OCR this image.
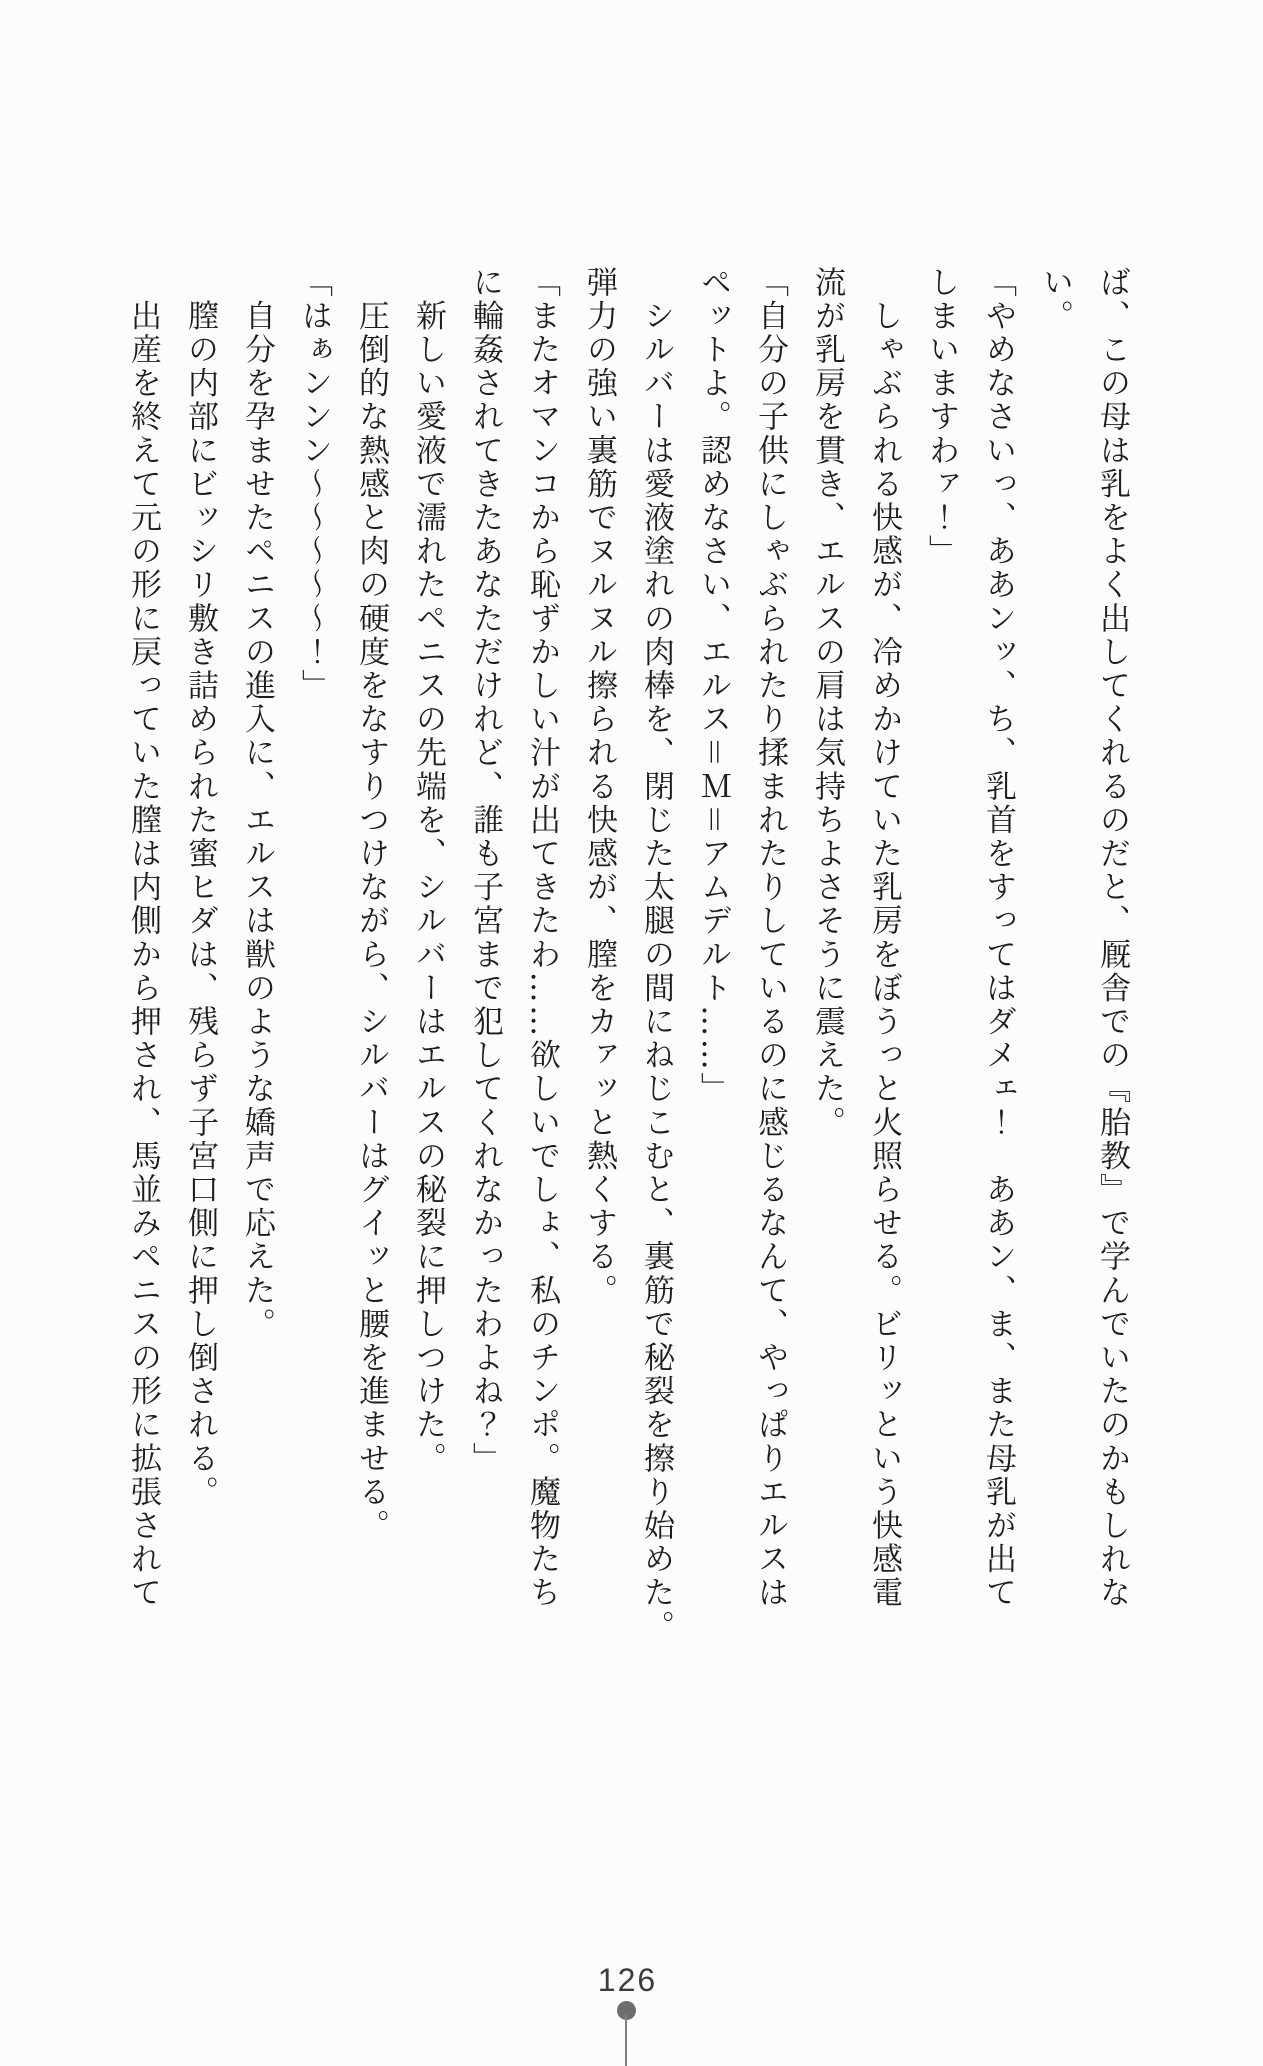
ば、この母は乳をよく出してくれるのだと、厩舎での『胎教』で学んでいたのかもしれな
い。
「やめなさいっ、ああンッ、ち、乳首をすってはダメェ！　ああン、ま、また母乳が出て
しまいますわァ！」
　しゃぶられる快感が、冷めかけていた乳房をぼうっと火照らせる。ビリッという快感電
流が乳房を貫き、エルスの肩は気持ちよさそうに震えた。
「自分の子供にしゃぶられたり揉まれたりしているのに感じるなんて、やっぱりエルスは
ペットよ。認めなさい、エルス＝Ｍ＝アムデルト……」
　シルバーは愛液塗れの肉棒を、閉じた太腿の間にねじこむと、裏筋で秘裂を擦り始めた。
弾力の強い裏筋でヌルヌル擦られる快感が、膣をカァッと熱くする。
「またオマンコから恥ずかしい汁が出てきたわ……欲しいでしょ、私のチンポ。魔物たち
に輪姦されてきたあなただけれど、誰も子宮まで犯してくれなかったわよね？」
　新しい愛液で濡れたペニスの先端を、シルバーはエルスの秘裂に押しつけた。
　圧倒的な熱感と肉の硬度をなすりつけながら、シルバーはグイッと腰を進ませる。
「はぁンンン～～～～～！」
　自分を孕ませたペニスの進入に、エルスは獣のような嬌声で応えた。
　膣の内部にビッシリ敷き詰められた蜜ヒダは、残らず子宮口側に押し倒される。
　出産を終えて元の形に戻っていた膣は内側から押され、馬並みペニスの形に拡張されて
126
